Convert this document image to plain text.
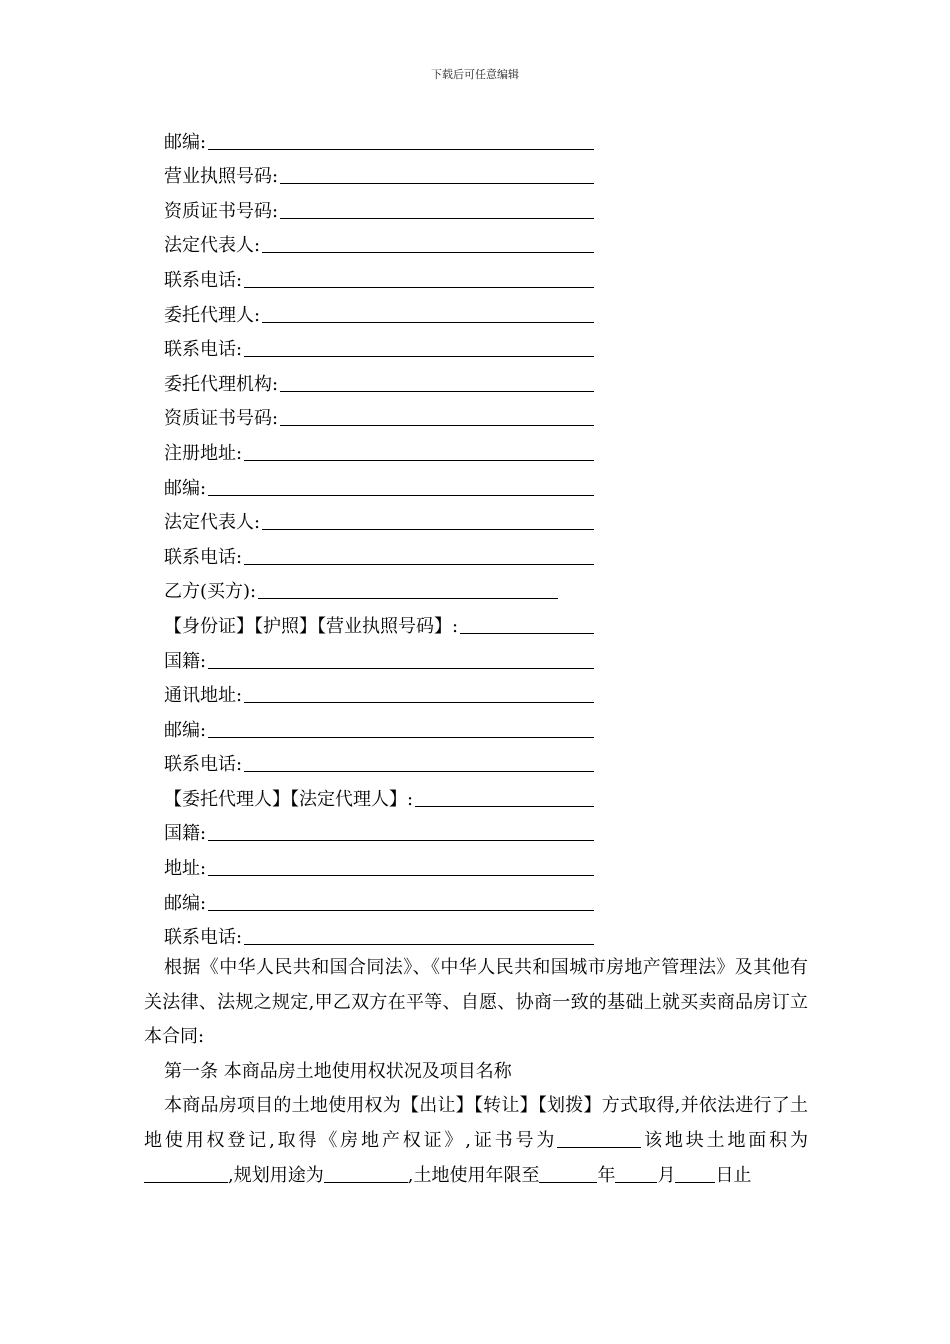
下载后可任意编辑
邮编:
营业执照号码:
资质证书号码:
法定代表人:
联系电话:
委托代理人:
联系电话:
委托代理机构:
资质证书号码:
注册地址:
邮编:
法定代表人:
联系电话:
乙方(买方):
【身份证】【护照】【营业执照号码】:
国籍:
通讯地址:
邮编:
联系电话:
【委托代理人】【法定代理人】:
国籍:
地址:
邮编:
联系电话:

根据《中华人民共和国合同法》、《中华人民共和国城市房地产管理法》及其他有关法律、法规之规定,甲乙双方在平等、自愿、协商一致的基础上就买卖商品房订立本合同:

第一条 本商品房土地使用权状况及项目名称

本商品房项目的土地使用权为【出让】【转让】【划拨】方式取得,并依法进行了土地使用权登记,取得《房地产权证》,证书号为	该地块土地面积为,规划用途为	,土地使用年限至	年 月 日止
